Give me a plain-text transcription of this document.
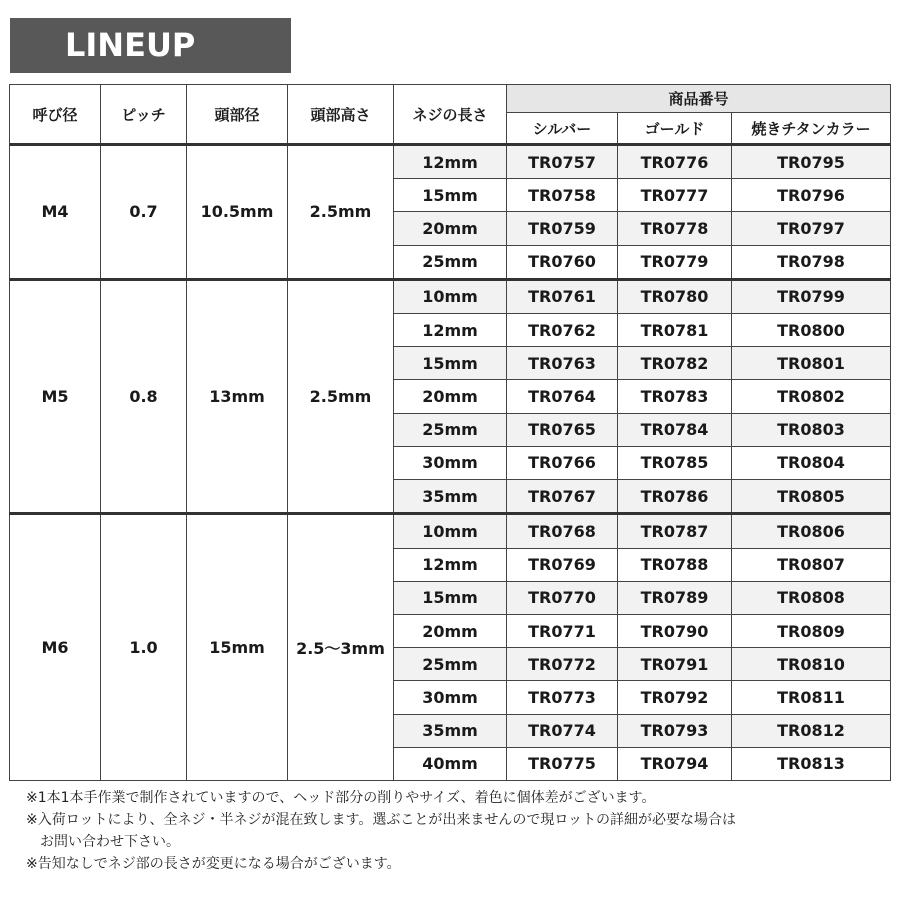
LINEUP
呼び径	ピッチ	頭部径	頭部高さ	ネジの長さ	商品番号		
					シルバー	ゴールド	焼きチタンカラー
M4	0.7	10.5mm	2.5mm	12mm	TR0757	TR0776	TR0795
				15mm	TR0758	TR0777	TR0796
				20mm	TR0759	TR0778	TR0797
				25mm	TR0760	TR0779	TR0798
M5	0.8	13mm	2.5mm	10mm	TR0761	TR0780	TR0799
				12mm	TR0762	TR0781	TR0800
				15mm	TR0763	TR0782	TR0801
				20mm	TR0764	TR0783	TR0802
				25mm	TR0765	TR0784	TR0803
				30mm	TR0766	TR0785	TR0804
				35mm	TR0767	TR0786	TR0805
M6	1.0	15mm	2.5〜3mm	10mm	TR0768	TR0787	TR0806
				12mm	TR0769	TR0788	TR0807
				15mm	TR0770	TR0789	TR0808
				20mm	TR0771	TR0790	TR0809
				25mm	TR0772	TR0791	TR0810
				30mm	TR0773	TR0792	TR0811
				35mm	TR0774	TR0793	TR0812
				40mm	TR0775	TR0794	TR0813
※1本1本手作業で制作されていますので、ヘッド部分の削りやサイズ、着色に個体差がございます。
※入荷ロットにより、全ネジ・半ネジが混在致します。選ぶことが出来ませんので現ロットの詳細が必要な場合は
お問い合わせ下さい。
※告知なしでネジ部の長さが変更になる場合がございます。
